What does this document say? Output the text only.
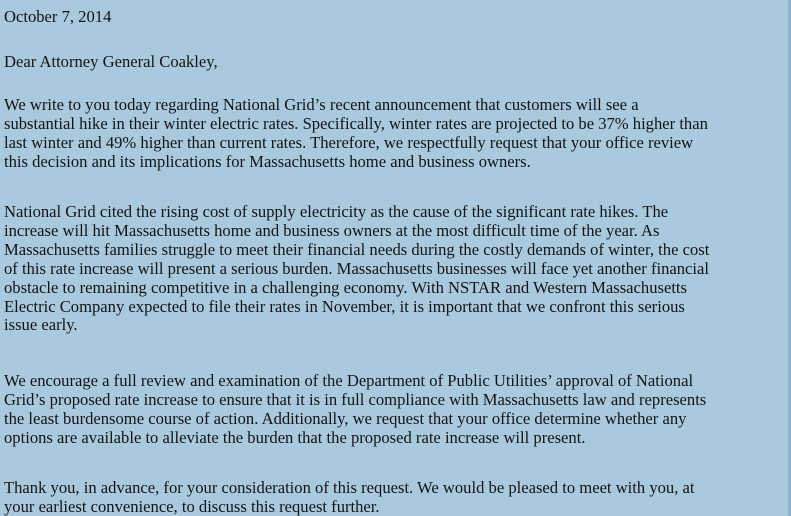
October 7, 2014
Dear Attorney General Coakley,
We write to you today regarding National Grid’s recent announcement that customers will see a
substantial hike in their winter electric rates. Specifically, winter rates are projected to be 37% higher than
last winter and 49% higher than current rates. Therefore, we respectfully request that your office review
this decision and its implications for Massachusetts home and business owners.
National Grid cited the rising cost of supply electricity as the cause of the significant rate hikes. The
increase will hit Massachusetts home and business owners at the most difficult time of the year. As
Massachusetts families struggle to meet their financial needs during the costly demands of winter, the cost
of this rate increase will present a serious burden. Massachusetts businesses will face yet another financial
obstacle to remaining competitive in a challenging economy. With NSTAR and Western Massachusetts
Electric Company expected to file their rates in November, it is important that we confront this serious
issue early.
We encourage a full review and examination of the Department of Public Utilities’ approval of National
Grid’s proposed rate increase to ensure that it is in full compliance with Massachusetts law and represents
the least burdensome course of action. Additionally, we request that your office determine whether any
options are available to alleviate the burden that the proposed rate increase will present.
Thank you, in advance, for your consideration of this request. We would be pleased to meet with you, at
your earliest convenience, to discuss this request further.
